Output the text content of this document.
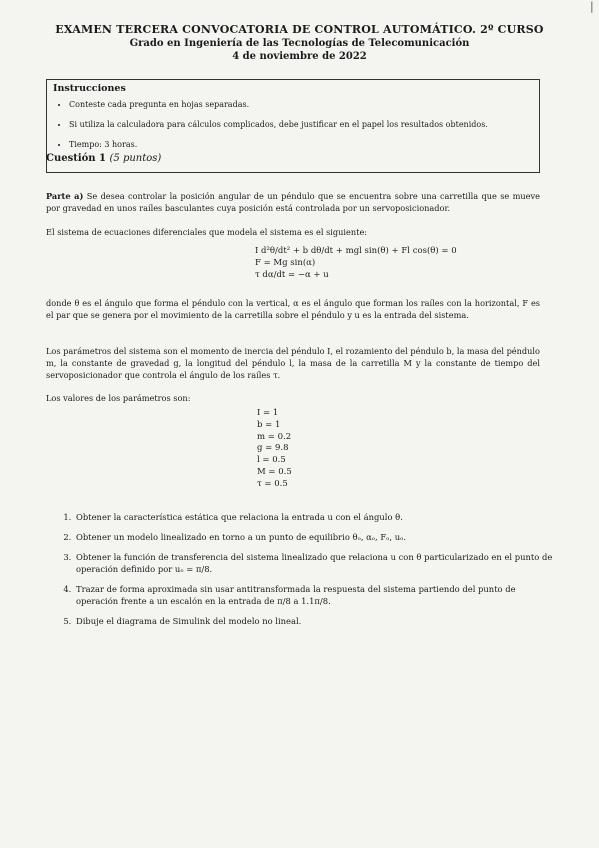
|
EXAMEN TERCERA CONVOCATORIA DE CONTROL AUTOMÁTICO. 2º CURSO
Grado en Ingeniería de las Tecnologías de Telecomunicación
4 de noviembre de 2022
Instrucciones
• Conteste cada pregunta en hojas separadas.
• Si utiliza la calculadora para cálculos complicados, debe justificar en el papel los resultados obtenidos.
• Tiempo: 3 horas.
Cuestión 1 (5 puntos)
Parte a) Se desea controlar la posición angular de un péndulo que se encuentra sobre una carretilla que se mueve por gravedad en unos raíles basculantes cuya posición está controlada por un servoposicionador.
El sistema de ecuaciones diferenciales que modela el sistema es el siguiente:
I d²θ/dt² + b dθ/dt + mgl sin(θ) + Fl cos(θ) = 0
F = Mg sin(α)
τ dα/dt = −α + u
donde θ es el ángulo que forma el péndulo con la vertical, α es el ángulo que forman los raíles con la horizontal, F es el par que se genera por el movimiento de la carretilla sobre el péndulo y u es la entrada del sistema.
Los parámetros del sistema son el momento de inercia del péndulo I, el rozamiento del péndulo b, la masa del péndulo m, la constante de gravedad g, la longitud del péndulo l, la masa de la carretilla M y la constante de tiempo del servoposicionador que controla el ángulo de los raíles τ.
Los valores de los parámetros son:
I = 1
b = 1
m = 0.2
g = 9.8
l = 0.5
M = 0.5
τ = 0.5
1. Obtener la característica estática que relaciona la entrada u con el ángulo θ.
2. Obtener un modelo linealizado en torno a un punto de equilibrio θₒ, αₒ, Fₒ, uₒ.
3. Obtener la función de transferencia del sistema linealizado que relaciona u con θ particularizado en el punto de operación definido por uₒ = π/8.
4. Trazar de forma aproximada sin usar antitransformada la respuesta del sistema partiendo del punto de operación frente a un escalón en la entrada de π/8 a 1.1π/8.
5. Dibuje el diagrama de Simulink del modelo no lineal.
